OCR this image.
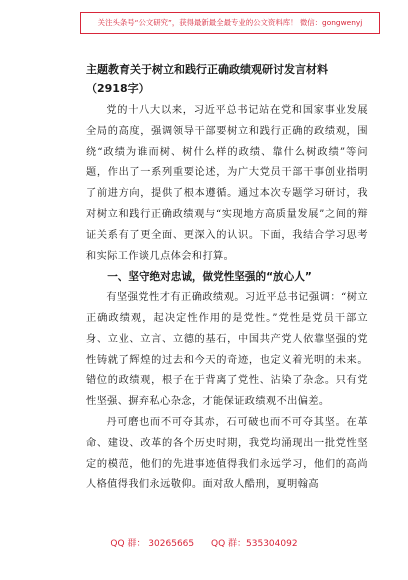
关注头条号“公文研究”，获得最新最全最专业的公文资料库！ 微信：gongwenyj
主题教育关于树立和践行正确政绩观研讨发言材料（2918字）

党的十八大以来，习近平总书记站在党和国家事业发展全局的高度，强调领导干部要树立和践行正确的政绩观，围绕“政绩为谁而树、树什么样的政绩、靠什么树政绩”等问题，作出了一系列重要论述，为广大党员干部干事创业指明了前进方向，提供了根本遵循。通过本次专题学习研讨，我对树立和践行正确政绩观与“实现地方高质量发展”之间的辩证关系有了更全面、更深入的认识。下面，我结合学习思考和实际工作谈几点体会和打算。

一、坚守绝对忠诚，做党性坚强的“放心人”

有坚强党性才有正确政绩观。习近平总书记强调：“树立正确政绩观，起决定性作用的是党性。”党性是党员干部立身、立业、立言、立德的基石，中国共产党人依靠坚强的党性铸就了辉煌的过去和今天的奇迹，也定义着光明的未来。错位的政绩观，根子在于背离了党性、沾染了杂念。只有党性坚强、摒弃私心杂念，才能保证政绩观不出偏差。

丹可磨也而不可夺其赤，石可破也而不可夺其坚。在革命、建设、改革的各个历史时期，我党均涌现出一批党性坚定的模范，他们的先进事迹值得我们永远学习，他们的高尚人格值得我们永远敬仰。面对敌人酷刑，夏明翰高

QQ 群： 30265665 QQ 群：535304092
